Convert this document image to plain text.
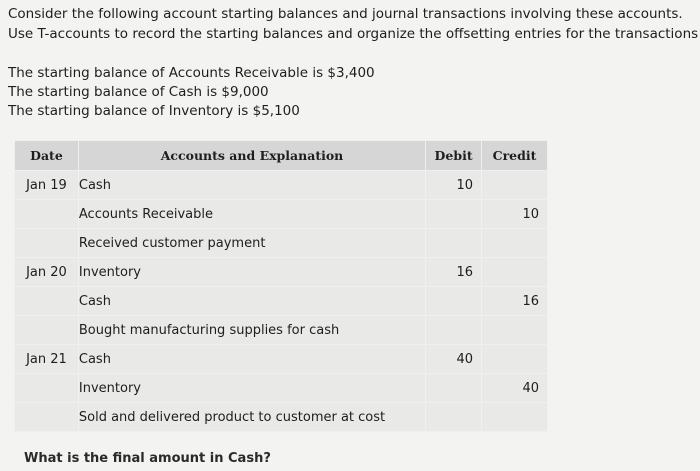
Consider the following account starting balances and journal transactions involving these accounts.
Use T-accounts to record the starting balances and organize the offsetting entries for the transactions
The starting balance of Accounts Receivable is $3,400
The starting balance of Cash is $9,000
The starting balance of Inventory is $5,100
Date	Accounts and Explanation	Debit	Credit
Jan 19	Cash	10	
	Accounts Receivable		10
	Received customer payment		
Jan 20	Inventory	16	
	Cash		16
	Bought manufacturing supplies for cash		
Jan 21	Cash	40	
	Inventory		40
	Sold and delivered product to customer at cost		
What is the final amount in Cash?
